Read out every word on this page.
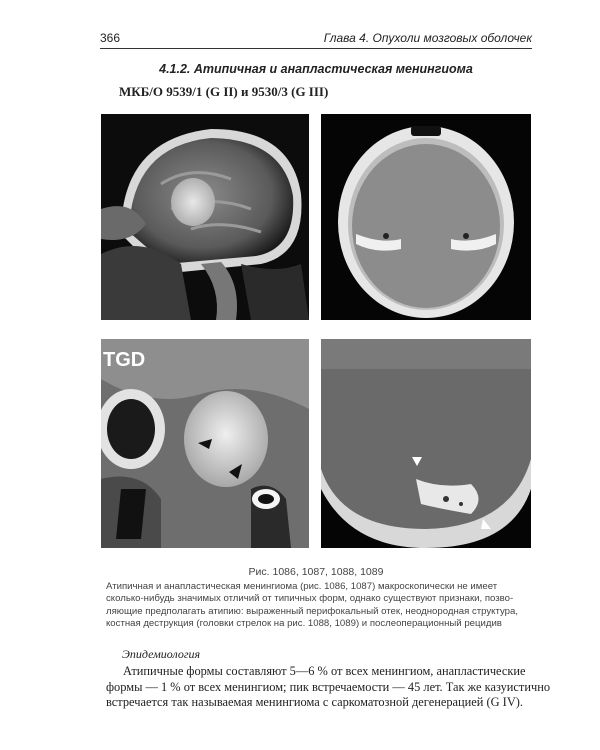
366	Глава 4. Опухоли мозговых оболочек
4.1.2. Атипичная и анапластическая менингиома
МКБ/О 9539/1 (G II) и 9530/3 (G III)
TGD
Рис. 1086, 1087, 1088, 1089
Атипичная и анапластическая менингиома (рис. 1086, 1087) макроскопически не имеет
сколько-нибудь значимых отличий от типичных форм, однако существуют признаки, позво-
ляющие предполагать атипию: выраженный перифокальный отек, неоднородная структура,
костная деструкция (головки стрелок на рис. 1088, 1089) и послеоперационный рецидив
Эпидемиология
Атипичные формы составляют 5—6 % от всех менингиом, анапластические
формы — 1 % от всех менингиом; пик встречаемости — 45 лет. Так же казуистично
встречается так называемая менингиома с саркоматозной дегенерацией (G IV).
